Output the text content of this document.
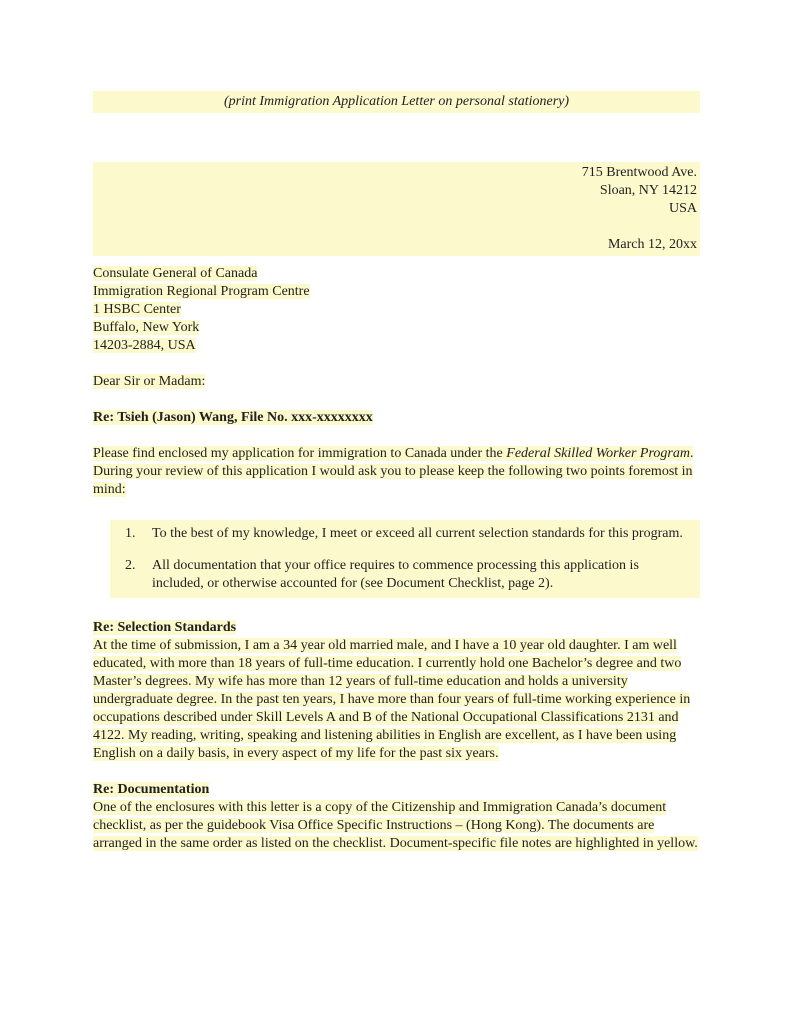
(print Immigration Application Letter on personal stationery)
715 Brentwood Ave.
Sloan, NY 14212
USA
March 12, 20xx
Consulate General of Canada
Immigration Regional Program Centre
1 HSBC Center
Buffalo, New York
14203-2884, USA
Dear Sir or Madam:
Re: Tsieh (Jason) Wang, File No. xxx-xxxxxxxx
Please find enclosed my application for immigration to Canada under the Federal Skilled Worker Program. During your review of this application I would ask you to please keep the following two points foremost in mind:
1. To the best of my knowledge, I meet or exceed all current selection standards for this program.
2. All documentation that your office requires to commence processing this application is included, or otherwise accounted for (see Document Checklist, page 2).
Re: Selection Standards
At the time of submission, I am a 34 year old married male, and I have a 10 year old daughter. I am well educated, with more than 18 years of full-time education. I currently hold one Bachelor’s degree and two Master’s degrees. My wife has more than 12 years of full-time education and holds a university undergraduate degree. In the past ten years, I have more than four years of full-time working experience in occupations described under Skill Levels A and B of the National Occupational Classifications 2131 and 4122. My reading, writing, speaking and listening abilities in English are excellent, as I have been using English on a daily basis, in every aspect of my life for the past six years.
Re: Documentation
One of the enclosures with this letter is a copy of the Citizenship and Immigration Canada’s document checklist, as per the guidebook Visa Office Specific Instructions – (Hong Kong). The documents are arranged in the same order as listed on the checklist. Document-specific file notes are highlighted in yellow.
